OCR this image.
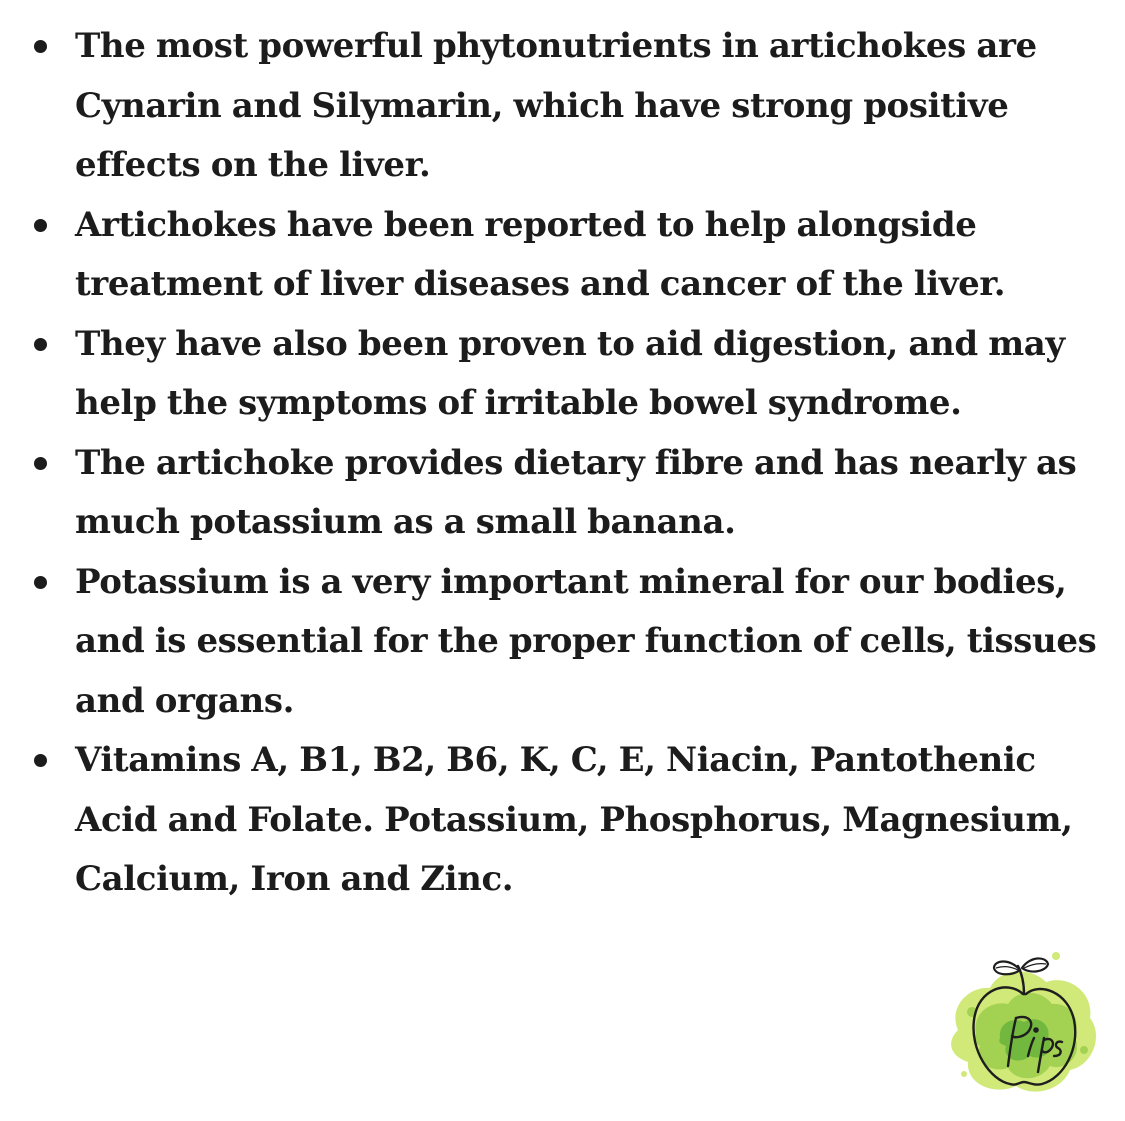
The most powerful phytonutrients in artichokes are Cynarin and Silymarin, which have strong positive effects on the liver.
Artichokes have been reported to help alongside treatment of liver diseases and cancer of the liver.
They have also been proven to aid digestion, and may help the symptoms of irritable bowel syndrome.
The artichoke provides dietary fibre and has nearly as much potassium as a small banana.
Potassium is a very important mineral for our bodies, and is essential for the proper function of cells, tissues and organs.
Vitamins A, B1, B2, B6, K, C, E, Niacin, Pantothenic Acid and Folate. Potassium, Phosphorus, Magnesium, Calcium, Iron and Zinc.
